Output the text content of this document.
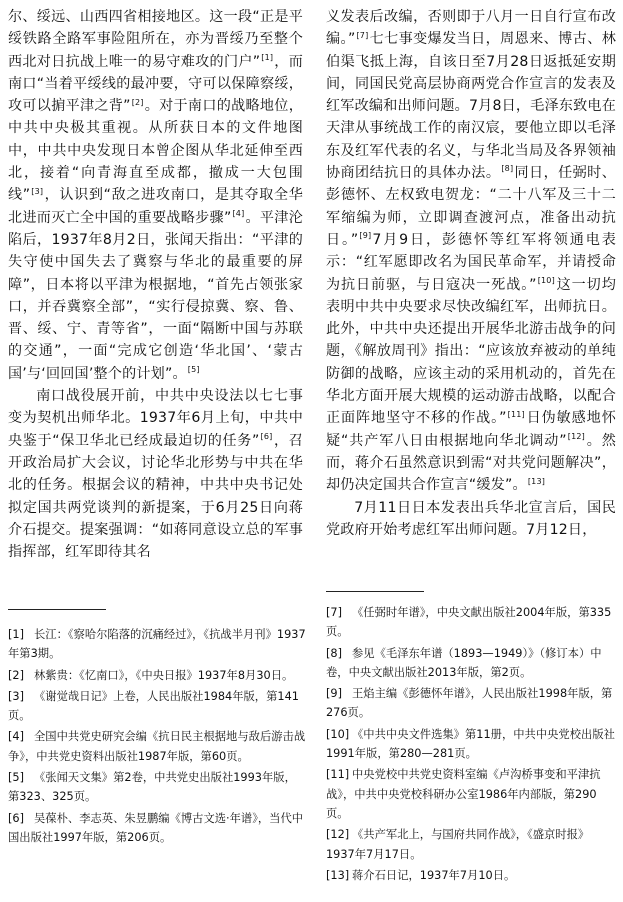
尔、绥远、山西四省相接地区。这一段“正是平绥铁路全路军事险阻所在，亦为晋绥乃至整个西北对日抗战上唯一的易守难攻的门户”[1]，而南口“当着平绥线的最冲要，守可以保障察绥，攻可以掮平津之背”[2]。对于南口的战略地位，中共中央极其重视。从所获日本的文件地图中，中共中央发现日本曾企图从华北延伸至西北，接着“向青海直至成都，撤成一大包围线”[3]，认识到“敌之进攻南口，是其夺取全华北进而灭亡全中国的重要战略步骤”[4]。平津沦陷后，1937年8月2日，张闻天指出：“平津的失守使中国失去了冀察与华北的最重要的屏障”，日本将以平津为根据地，“首先占领张家口，并吞冀察全部”，“实行侵掠冀、察、鲁、晋、绥、宁、青等省”，一面“隔断中国与苏联的交通”，一面“完成它创造‘华北国’、‘蒙古国’与‘回回国’整个的计划”。[5]

南口战役展开前，中共中央设法以七七事变为契机出师华北。1937年6月上旬，中共中央鉴于“保卫华北已经成最迫切的任务”[6]，召开政治局扩大会议，讨论华北形势与中共在华北的任务。根据会议的精神，中共中央书记处拟定国共两党谈判的新提案，于6月25日向蒋介石提交。提案强调：“如蒋同意设立总的军事指挥部，红军即待其名

义发表后改编，否则即于八月一日自行宣布改编。”[7]七七事变爆发当日，周恩来、博古、林伯渠飞抵上海，自该日至7月28日返抵延安期间，同国民党高层协商两党合作宣言的发表及红军改编和出师问题。7月8日，毛泽东致电在天津从事统战工作的南汉宸，要他立即以毛泽东及红军代表的名义，与华北当局及各界领袖协商团结抗日的具体办法。[8]同日，任弼时、彭德怀、左权致电贺龙：“二十八军及三十二军缩编为师，立即调查渡河点，准备出动抗日。”[9]7月9日，彭德怀等红军将领通电表示：“红军愿即改名为国民革命军，并请授命为抗日前驱，与日寇决一死战。”[10]这一切均表明中共中央要求尽快改编红军，出师抗日。此外，中共中央还提出开展华北游击战争的问题，《解放周刊》指出：“应该放弃被动的单纯防御的战略，应该主动的采用机动的，首先在华北方面开展大规模的运动游击战略，以配合正面阵地坚守不移的作战。”[11]日伪敏感地怀疑“共产军八日由根据地向华北调动”[12]。然而，蒋介石虽然意识到需“对共党问题解决”，却仍决定国共合作宣言“缓发”。[13]

7月11日日本发表出兵华北宣言后，国民党政府开始考虑红军出师问题。7月12日，

[1] 长江：《察哈尔陷落的沉痛经过》，《抗战半月刊》1937年第3期。
[2] 林紫贵：《忆南口》，《中央日报》1937年8月30日。
[3] 《谢觉哉日记》上卷，人民出版社1984年版，第141页。
[4] 全国中共党史研究会编《抗日民主根据地与敌后游击战争》，中共党史资料出版社1987年版，第60页。
[5] 《张闻天文集》第2卷，中共党史出版社1993年版，第323、325页。
[6] 吴葆朴、李志英、朱昱鹏编《博古文选·年谱》，当代中国出版社1997年版，第206页。
[7] 《任弼时年谱》，中央文献出版社2004年版，第335页。
[8] 参见《毛泽东年谱（1893—1949）》（修订本）中卷，中央文献出版社2013年版，第2页。
[9] 王焰主编《彭德怀年谱》，人民出版社1998年版，第276页。
[10] 《中共中央文件选集》第11册，中共中央党校出版社1991年版，第280—281页。
[11] 中央党校中共党史资料室编《卢沟桥事变和平津抗战》，中共中央党校科研办公室1986年内部版，第290页。
[12] 《共产军北上，与国府共同作战》，《盛京时报》1937年7月17日。
[13] 蒋介石日记，1937年7月10日。
